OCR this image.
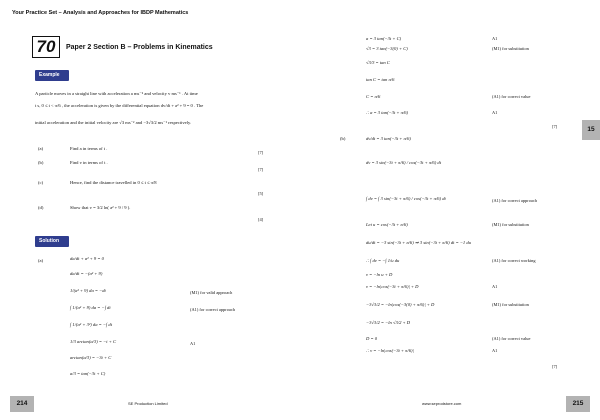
Your Practice Set – Analysis and Approaches for IBDP Mathematics
70	Paper 2 Section B – Problems in Kinematics
Example
A particle moves in a straight line with acceleration a ms⁻² and velocity v ms⁻¹ . At time
t s, 0 ≤ t < π/6 , the acceleration is given by the differential equation dv/dt + a² + 9 = 0 . The
initial acceleration and the initial velocity are √3 ms⁻² and −3√3/2 ms⁻¹ respectively.
(a)	Find a in terms of t .
[7]
(b)	Find v in terms of t .
[7]
(c)	Hence, find the distance travelled in 0 ≤ t ≤ π/8
[5]
(d)	Show that v = 3/2 ln( a² + 9 / 9 ).
[4]
Solution
(a)	da/dt + a² + 9 = 0
da/dt = −(a² + 9)
1/(a² + 9) da = −dt	(M1) for valid approach
∫ 1/(a² + 9) da = −∫ dt	(A1) for correct approach
∫ 1/(a² + 3²) da = −∫ dt
1/3 arctan(a/3) = −t + C	A1
arctan(a/3) = −3t + C
a/3 = tan(−3t + C)
214	SE Production Limited
a = 3 tan(−3t + C)	A1
√3 = 3 tan(−3(0) + C)	(M1) for substitution
√3/3 = tan C
tan C = tan π/6
C = π/6	(A1) for correct value
∴ a = 3 tan(−3t + π/6)	A1
[7]
(b)	dv/dt = 3 tan(−3t + π/6)
dv = 3 sin(−3t + π/6) / cos(−3t + π/6) dt
∫ dv = ∫ 3 sin(−3t + π/6) / cos(−3t + π/6) dt	(A1) for correct approach
Let u = cos(−3t + π/6)	(M1) for substitution
du/dt = −3 sin(−3t + π/6) ⇒ 3 sin(−3t + π/6) dt = −1 du
∴ ∫ dv = −∫ 1/u du	(A1) for correct working
v = −ln u + D
v = −ln|cos(−3t + π/6)| + D	A1
−3√3/2 = −ln|cos(−3(0) + π/6)| + D	(M1) for substitution
−3√3/2 = −ln √3/2 + D
D = 0	(A1) for correct value
∴ v = −ln|cos(−3t + π/6)|	A1
[7]
15
215
www.seprodstore.com
